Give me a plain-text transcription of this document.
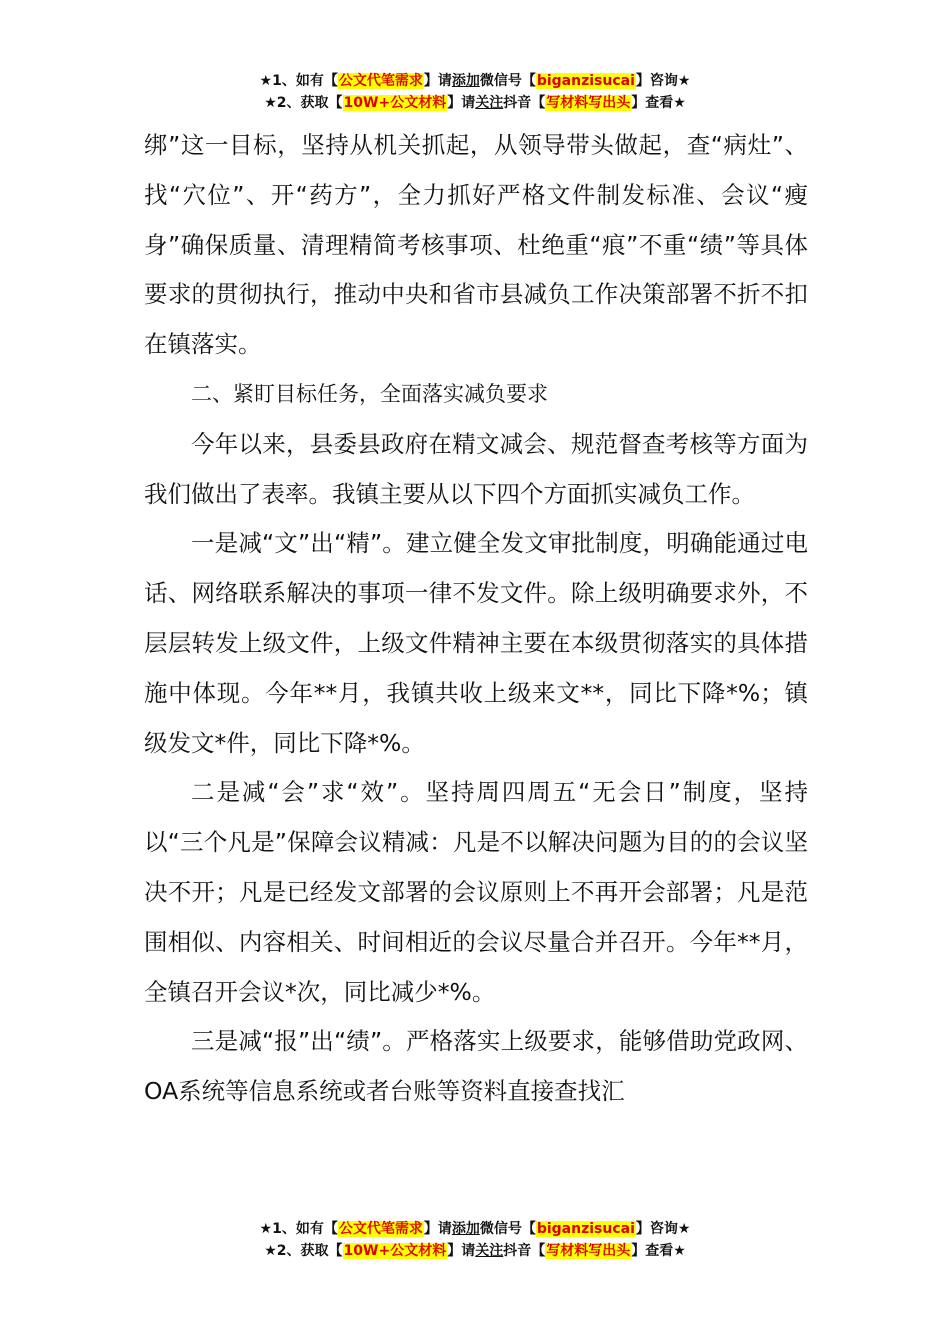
★1、如有【公文代笔需求】请添加微信号【biganzisucai】咨询★
★2、获取【10W+公文材料】请关注抖音【写材料写出头】查看★

绑”这一目标，坚持从机关抓起，从领导带头做起，查“病灶”、找“穴位”、开“药方”，全力抓好严格文件制发标准、会议“瘦身”确保质量、清理精简考核事项、杜绝重“痕”不重“绩”等具体要求的贯彻执行，推动中央和省市县减负工作决策部署不折不扣在镇落实。

二、紧盯目标任务，全面落实减负要求

今年以来，县委县政府在精文减会、规范督查考核等方面为我们做出了表率。我镇主要从以下四个方面抓实减负工作。

一是减“文”出“精”。建立健全发文审批制度，明确能通过电话、网络联系解决的事项一律不发文件。除上级明确要求外，不层层转发上级文件，上级文件精神主要在本级贯彻落实的具体措施中体现。今年**月，我镇共收上级来文**，同比下降*%；镇级发文*件，同比下降*%。

二是减“会”求“效”。坚持周四周五“无会日”制度，坚持以“三个凡是”保障会议精减：凡是不以解决问题为目的的会议坚决不开；凡是已经发文部署的会议原则上不再开会部署；凡是范围相似、内容相关、时间相近的会议尽量合并召开。今年**月，全镇召开会议*次，同比减少*%。

三是减“报”出“绩”。严格落实上级要求，能够借助党政网、OA系统等信息系统或者台账等资料直接查找汇

★1、如有【公文代笔需求】请添加微信号【biganzisucai】咨询★
★2、获取【10W+公文材料】请关注抖音【写材料写出头】查看★
